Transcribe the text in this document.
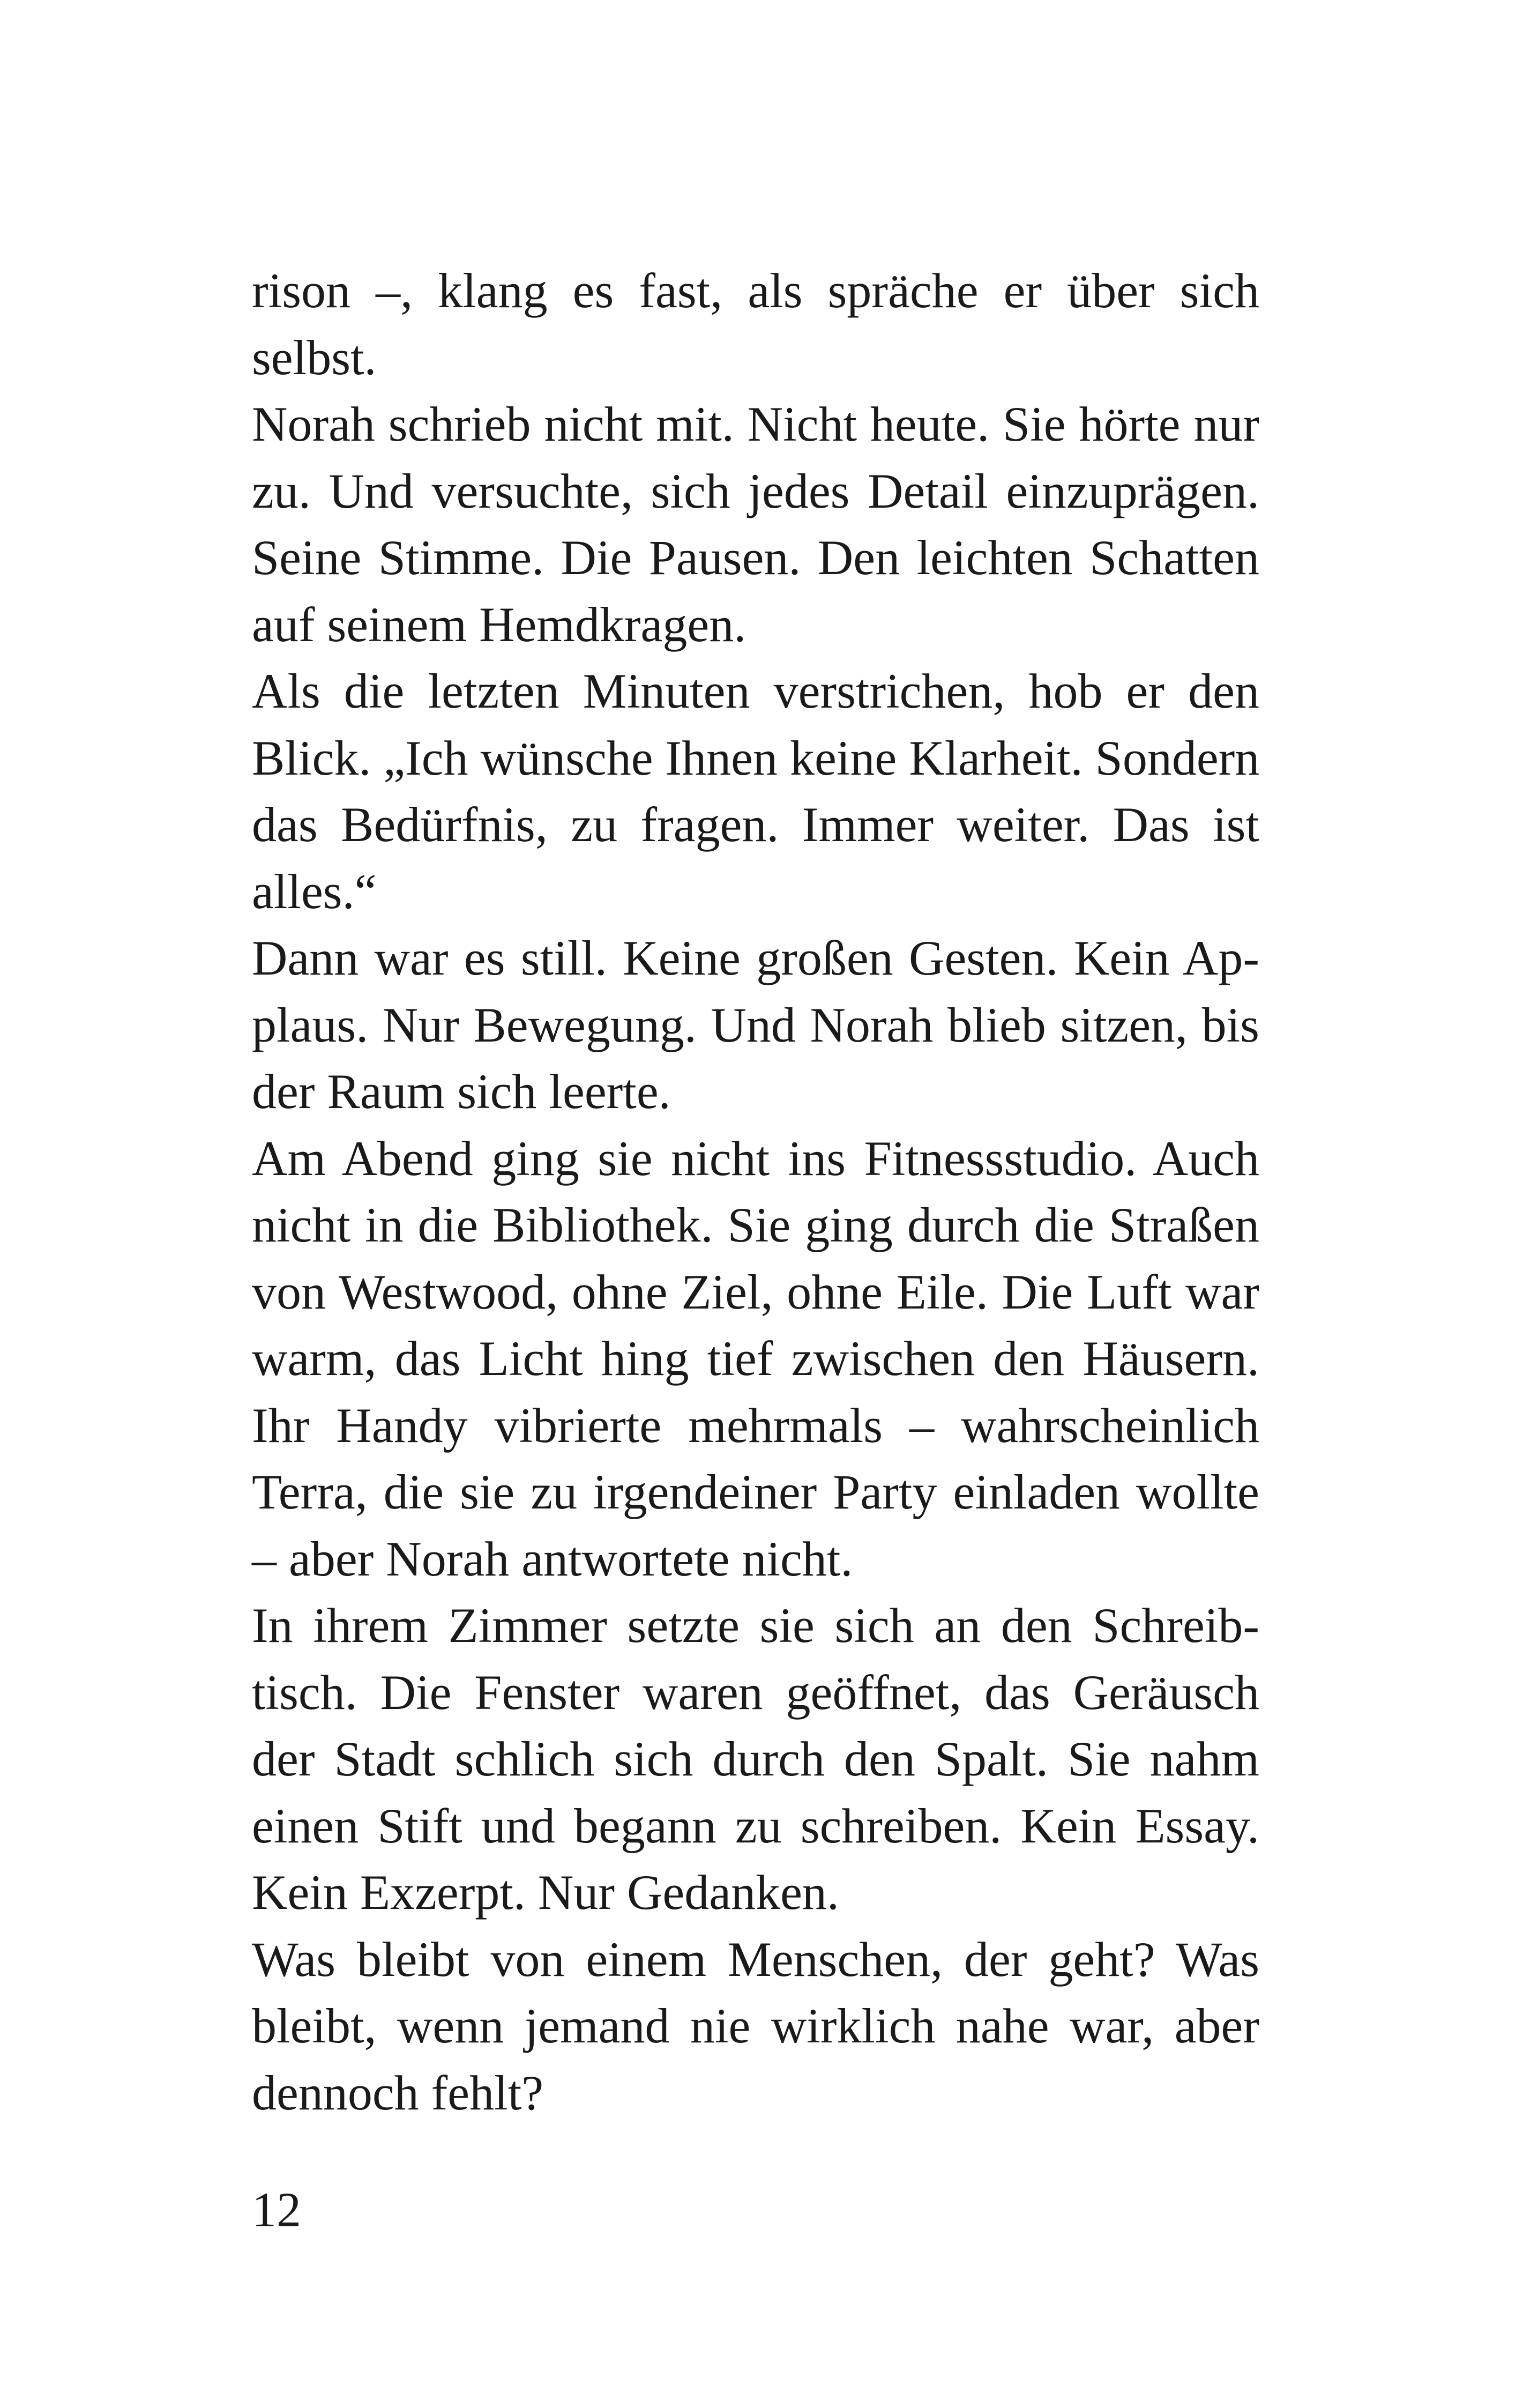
rison –, klang es fast, als spräche er über sich
selbst.
Norah schrieb nicht mit. Nicht heute. Sie hörte nur
zu. Und versuchte, sich jedes Detail einzuprägen.
Seine Stimme. Die Pausen. Den leichten Schatten
auf seinem Hemdkragen.
Als die letzten Minuten verstrichen, hob er den
Blick. „Ich wünsche Ihnen keine Klarheit. Sondern
das Bedürfnis, zu fragen. Immer weiter. Das ist
alles.“
Dann war es still. Keine großen Gesten. Kein Ap-
plaus. Nur Bewegung. Und Norah blieb sitzen, bis
der Raum sich leerte.
Am Abend ging sie nicht ins Fitnessstudio. Auch
nicht in die Bibliothek. Sie ging durch die Straßen
von Westwood, ohne Ziel, ohne Eile. Die Luft war
warm, das Licht hing tief zwischen den Häusern.
Ihr Handy vibrierte mehrmals – wahrscheinlich
Terra, die sie zu irgendeiner Party einladen wollte
– aber Norah antwortete nicht.
In ihrem Zimmer setzte sie sich an den Schreib-
tisch. Die Fenster waren geöffnet, das Geräusch
der Stadt schlich sich durch den Spalt. Sie nahm
einen Stift und begann zu schreiben. Kein Essay.
Kein Exzerpt. Nur Gedanken.
Was bleibt von einem Menschen, der geht? Was
bleibt, wenn jemand nie wirklich nahe war, aber
dennoch fehlt?
12
